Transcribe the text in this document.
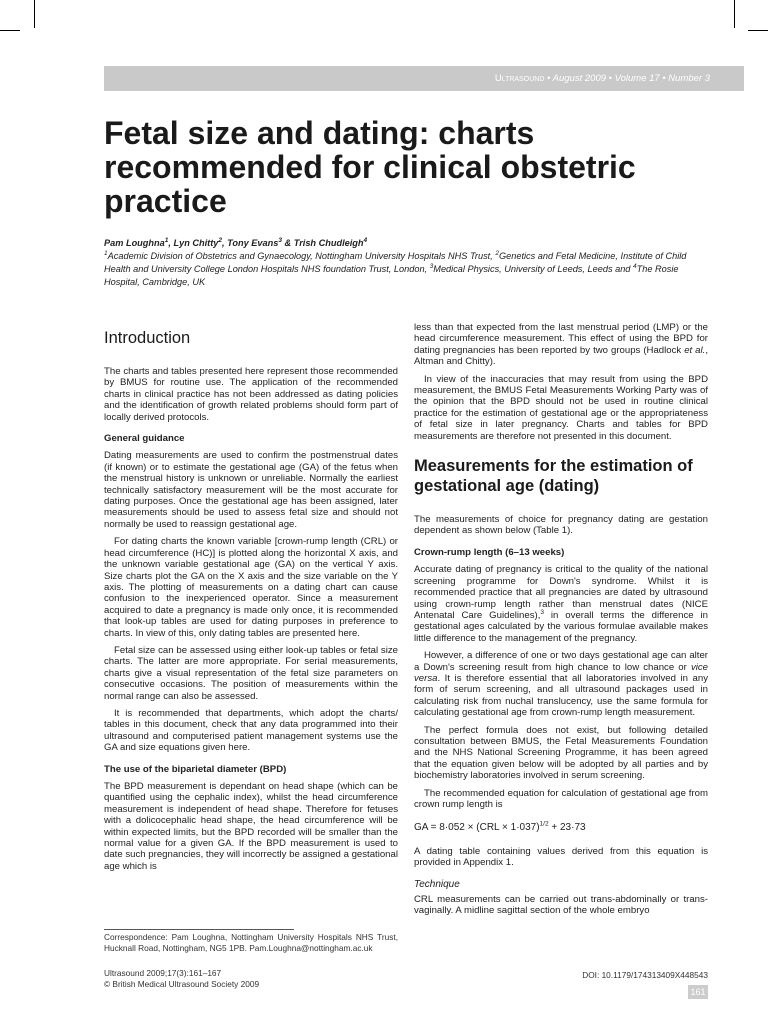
Ultrasound • August 2009 • Volume 17 • Number 3
Fetal size and dating: charts recommended for clinical obstetric practice
Pam Loughna$^1$, Lyn Chitty$^2$, Tony Evans$^3$ & Trish Chudleigh$^4$
$^1$Academic Division of Obstetrics and Gynaecology, Nottingham University Hospitals NHS Trust, $^2$Genetics and Fetal Medicine, Institute of Child Health and University College London Hospitals NHS foundation Trust, London, $^3$Medical Physics, University of Leeds, Leeds and $^4$The Rosie Hospital, Cambridge, UK
Introduction

The charts and tables presented here represent those recommended by BMUS for routine use. The application of the recommended charts in clinical practice has not been addressed as dating policies and the identification of growth related problems should form part of locally derived protocols.

General guidance

Dating measurements are used to confirm the postmenstrual dates (if known) or to estimate the gestational age (GA) of the fetus when the menstrual history is unknown or unreliable. Normally the earliest technically satisfactory measurement will be the most accurate for dating purposes. Once the gestational age has been assigned, later measurements should be used to assess fetal size and should not normally be used to reassign gestational age.

For dating charts the known variable [crown-rump length (CRL) or head circumference (HC)] is plotted along the horizontal X axis, and the unknown variable gestational age (GA) on the vertical Y axis. Size charts plot the GA on the X axis and the size variable on the Y axis. The plotting of measurements on a dating chart can cause confusion to the inexperienced operator. Since a measurement acquired to date a pregnancy is made only once, it is recommended that look-up tables are used for dating purposes in preference to charts. In view of this, only dating tables are presented here.

Fetal size can be assessed using either look-up tables or fetal size charts. The latter are more appropriate. For serial measurements, charts give a visual representation of the fetal size parameters on consecutive occasions. The position of measurements within the normal range can also be assessed.

It is recommended that departments, which adopt the charts/ tables in this document, check that any data programmed into their ultrasound and computerised patient management systems use the GA and size equations given here.

The use of the biparietal diameter (BPD)

The BPD measurement is dependant on head shape (which can be quantified using the cephalic index), whilst the head circumference measurement is independent of head shape. Therefore for fetuses with a dolicocephalic head shape, the head circumference will be within expected limits, but the BPD recorded will be smaller than the normal value for a given GA. If the BPD measurement is used to date such pregnancies, they will incorrectly be assigned a gestational age which is

less than that expected from the last menstrual period (LMP) or the head circumference measurement. This effect of using the BPD for dating pregnancies has been reported by two groups (Hadlock et al., Altman and Chitty).

In view of the inaccuracies that may result from using the BPD measurement, the BMUS Fetal Measurements Working Party was of the opinion that the BPD should not be used in routine clinical practice for the estimation of gestational age or the appropriateness of fetal size in later pregnancy. Charts and tables for BPD measurements are therefore not presented in this document.

Measurements for the estimation of gestational age (dating)

The measurements of choice for pregnancy dating are gestation dependent as shown below (Table 1).

Crown-rump length (6–13 weeks)

Accurate dating of pregnancy is critical to the quality of the national screening programme for Down's syndrome. Whilst it is recommended practice that all pregnancies are dated by ultrasound using crown-rump length rather than menstrual dates (NICE Antenatal Care Guidelines),$^3$ in overall terms the difference in gestational ages calculated by the various formulae available makes little difference to the management of the pregnancy.

However, a difference of one or two days gestational age can alter a Down's screening result from high chance to low chance or vice versa. It is therefore essential that all laboratories involved in any form of serum screening, and all ultrasound packages used in calculating risk from nuchal translucency, use the same formula for calculating gestational age from crown-rump length measurement.

The perfect formula does not exist, but following detailed consultation between BMUS, the Fetal Measurements Foundation and the NHS National Screening Programme, it has been agreed that the equation given below will be adopted by all parties and by biochemistry laboratories involved in serum screening.

The recommended equation for calculation of gestational age from crown rump length is

GA = 8·052 × (CRL × 1·037)$^{1/2}$ + 23·73

A dating table containing values derived from this equation is provided in Appendix 1.

Technique

CRL measurements can be carried out trans-abdominally or trans-vaginally. A midline sagittal section of the whole embryo

Correspondence: Pam Loughna, Nottingham University Hospitals NHS Trust, Hucknall Road, Nottingham, NG5 1PB. Pam.Loughna@nottingham.ac.uk
Ultrasound 2009;17(3):161–167
© British Medical Ultrasound Society 2009
DOI: 10.1179/174313409X448543
161
